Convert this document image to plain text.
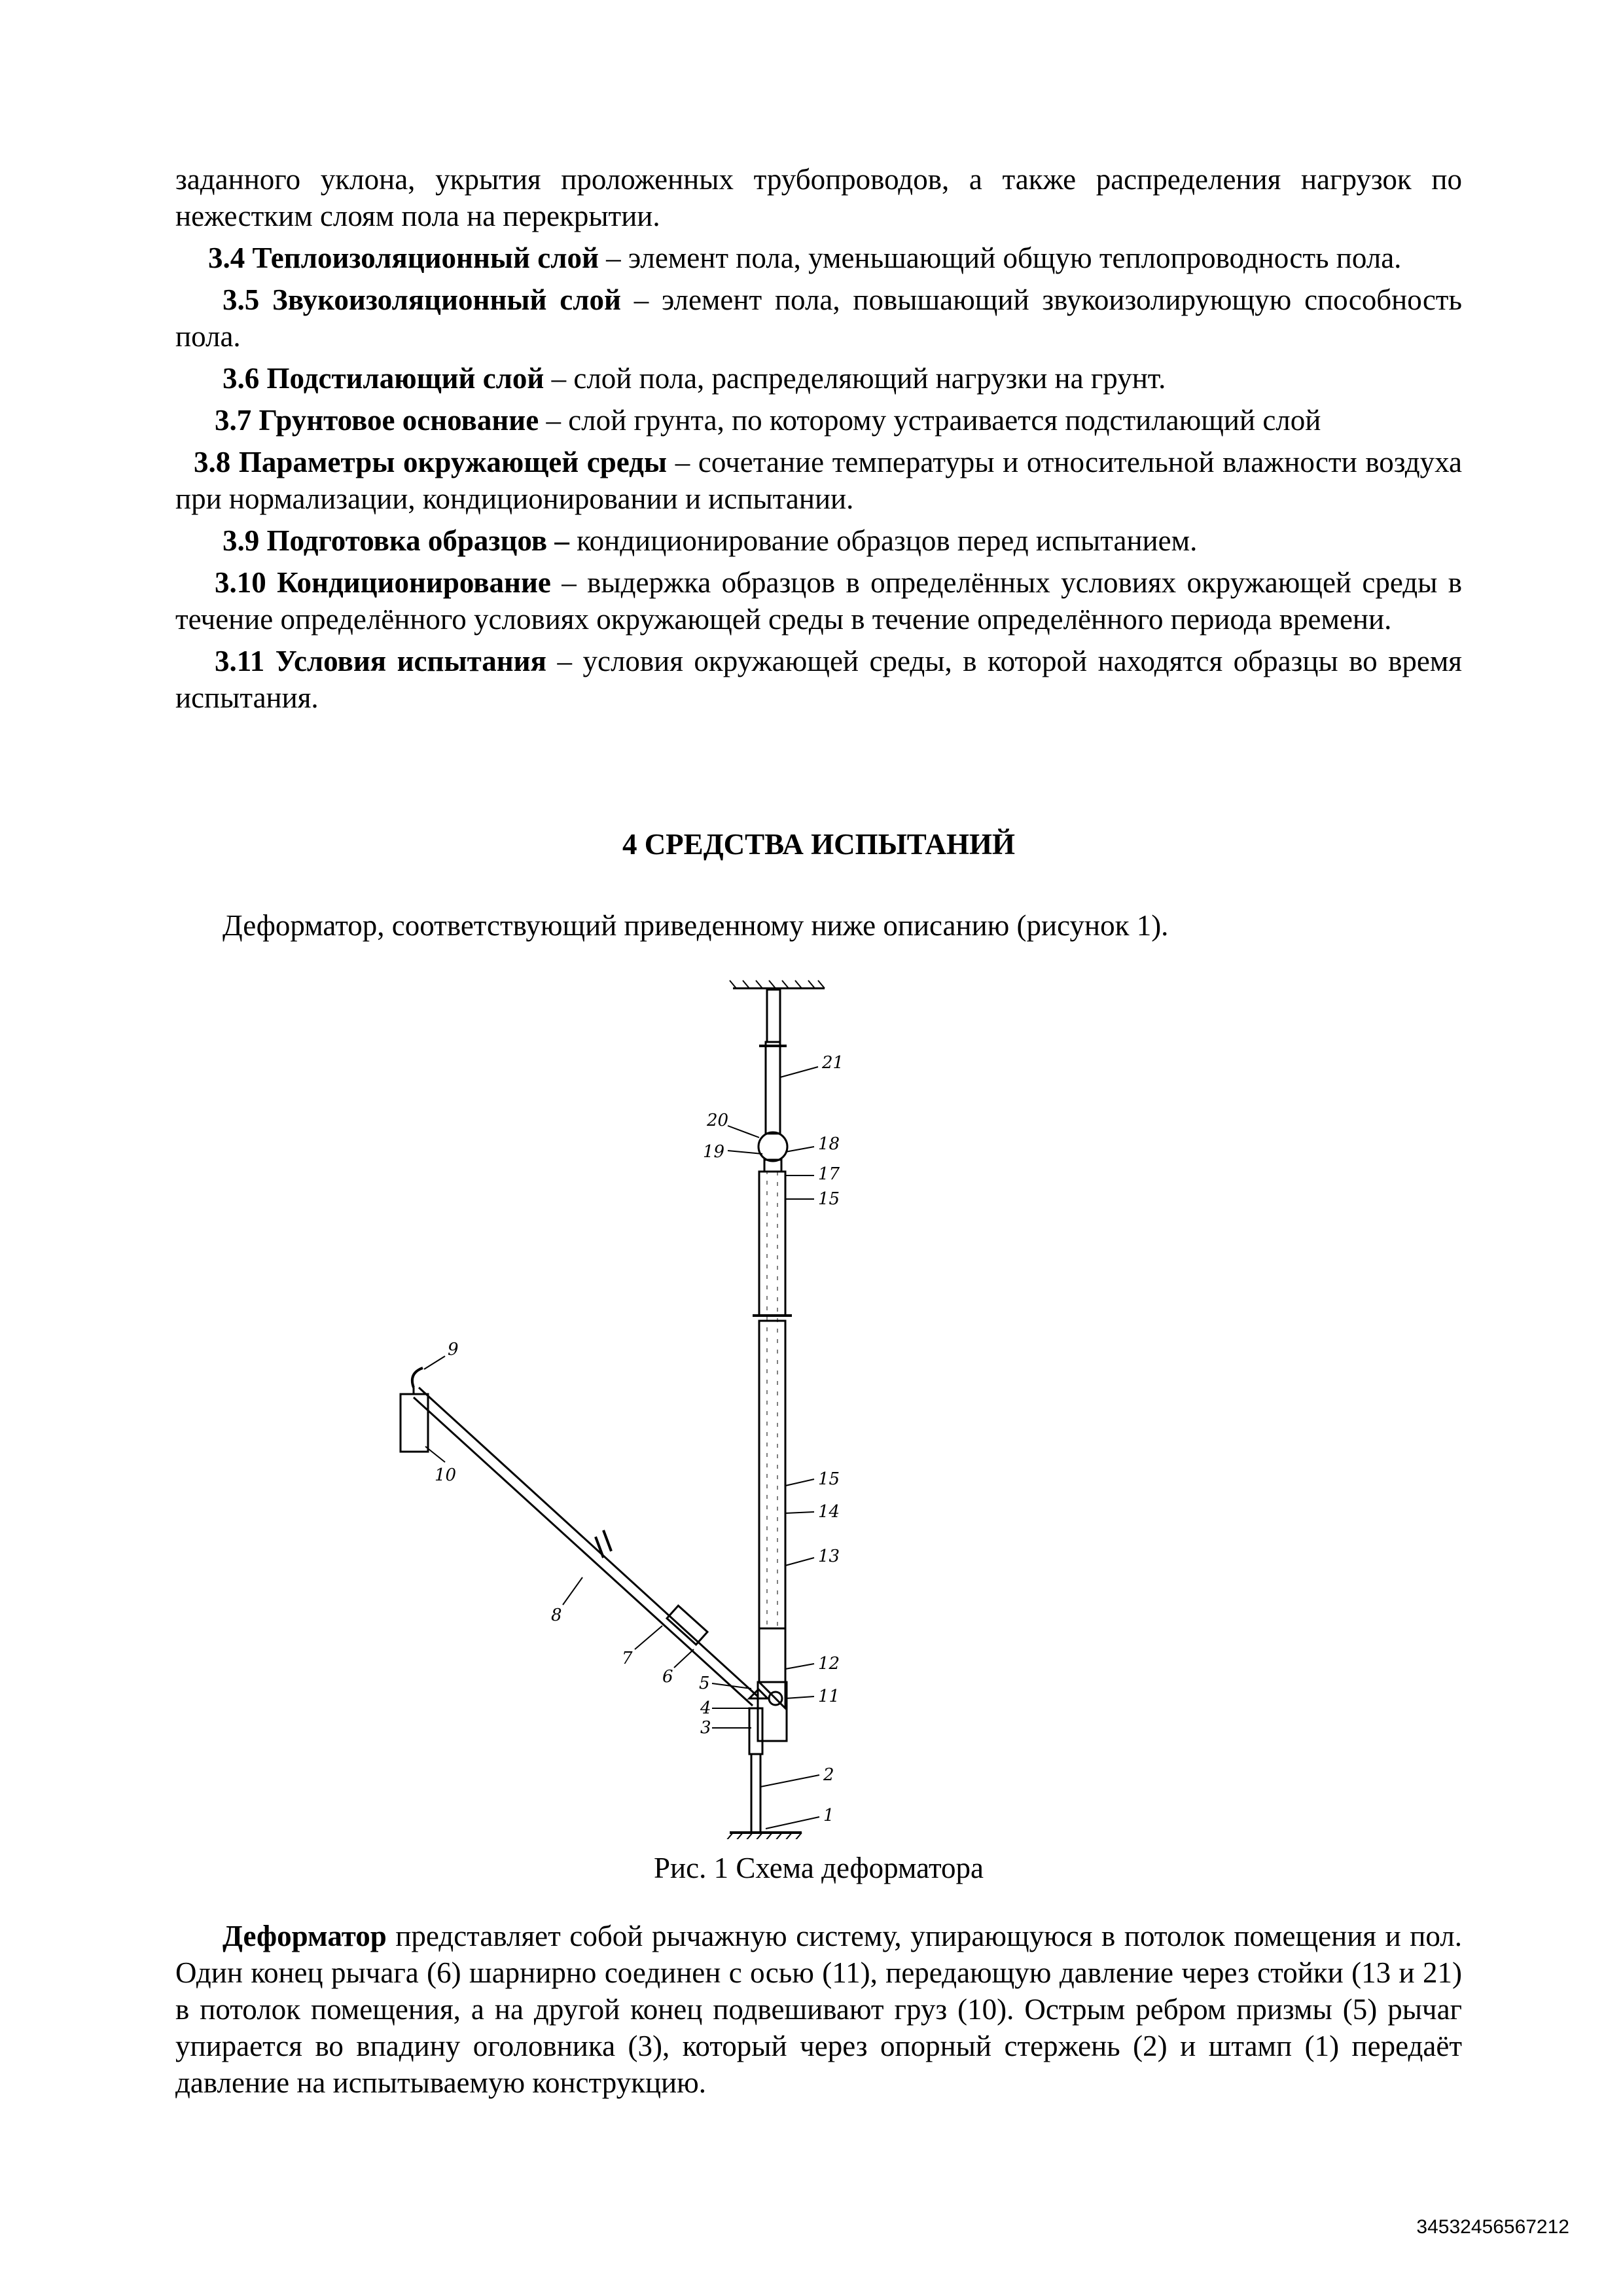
заданного уклона, укрытия проложенных трубопроводов, а также распределения нагрузок по нежестким слоям пола на перекрытии.

3.4 Теплоизоляционный слой – элемент пола, уменьшающий общую теплопроводность пола.

3.5 Звукоизоляционный слой – элемент пола, повышающий звукоизолирующую способность пола.

3.6 Подстилающий слой – слой пола, распределяющий нагрузки на грунт.

3.7 Грунтовое основание – слой грунта, по которому устраивается подстилающий слой

3.8 Параметры окружающей среды – сочетание температуры и относительной влажности воздуха при нормализации, кондиционировании и испытании.

3.9 Подготовка образцов – кондиционирование образцов перед испытанием.

3.10 Кондиционирование – выдержка образцов в определённых условиях окружающей среды в течение определённого условиях окружающей среды в течение определённого периода времени.

3.11 Условия испытания – условия окружающей среды, в которой находятся образцы во время испытания.

4 СРЕДСТВА ИСПЫТАНИЙ
Деформатор, соответствующий приведенному ниже описанию (рисунок 1).
21
20
19	18
17
15
15
14
13
12
11
2
1
5
4
3
6
7
8
9
10
Рис. 1 Схема деформатора

Деформатор представляет собой рычажную систему, упирающуюся в потолок помещения и пол. Один конец рычага (6) шарнирно соединен с осью (11), передающую давление через стойки (13 и 21) в потолок помещения, а на другой конец подвешивают груз (10). Острым ребром призмы (5) рычаг упирается во впадину оголовника (3), который через опорный стержень (2) и штамп (1) передаёт давление на испытываемую конструкцию.

34532456567212
